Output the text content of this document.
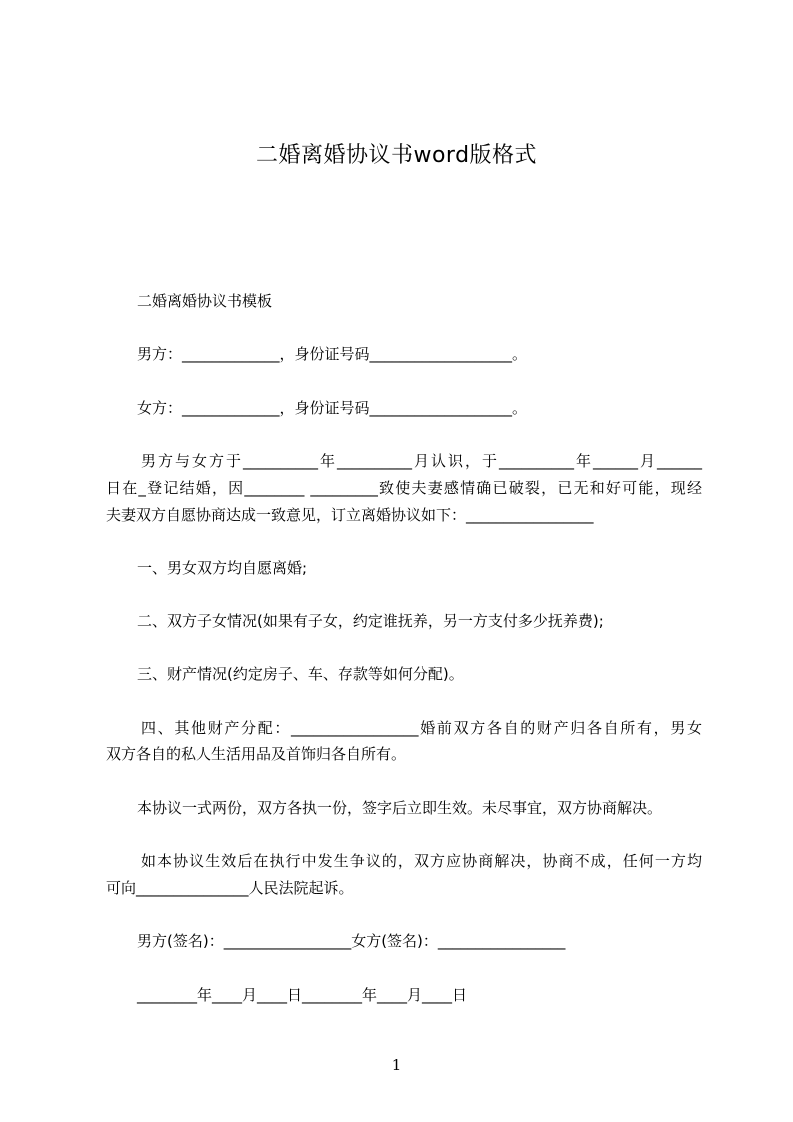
二婚离婚协议书word版格式
二婚离婚协议书模板
男方：_____________，身份证号码___________________。
女方：_____________，身份证号码___________________。
男方与女方于__________年__________月认识，于__________年______月______
日在_登记结婚，因________ _________致使夫妻感情确已破裂，已无和好可能，现经
夫妻双方自愿协商达成一致意见，订立离婚协议如下：_________________
一、男女双方均自愿离婚;
二、双方子女情况(如果有子女，约定谁抚养，另一方支付多少抚养费);
三、财产情况(约定房子、车、存款等如何分配)。
四、其他财产分配：_________________婚前双方各自的财产归各自所有，男女
双方各自的私人生活用品及首饰归各自所有。
本协议一式两份，双方各执一份，签字后立即生效。未尽事宜，双方协商解决。
如本协议生效后在执行中发生争议的，双方应协商解决，协商不成，任何一方均
可向_______________人民法院起诉。
男方(签名)：_________________女方(签名)：_________________
________年____月____日________年____月____日
1
